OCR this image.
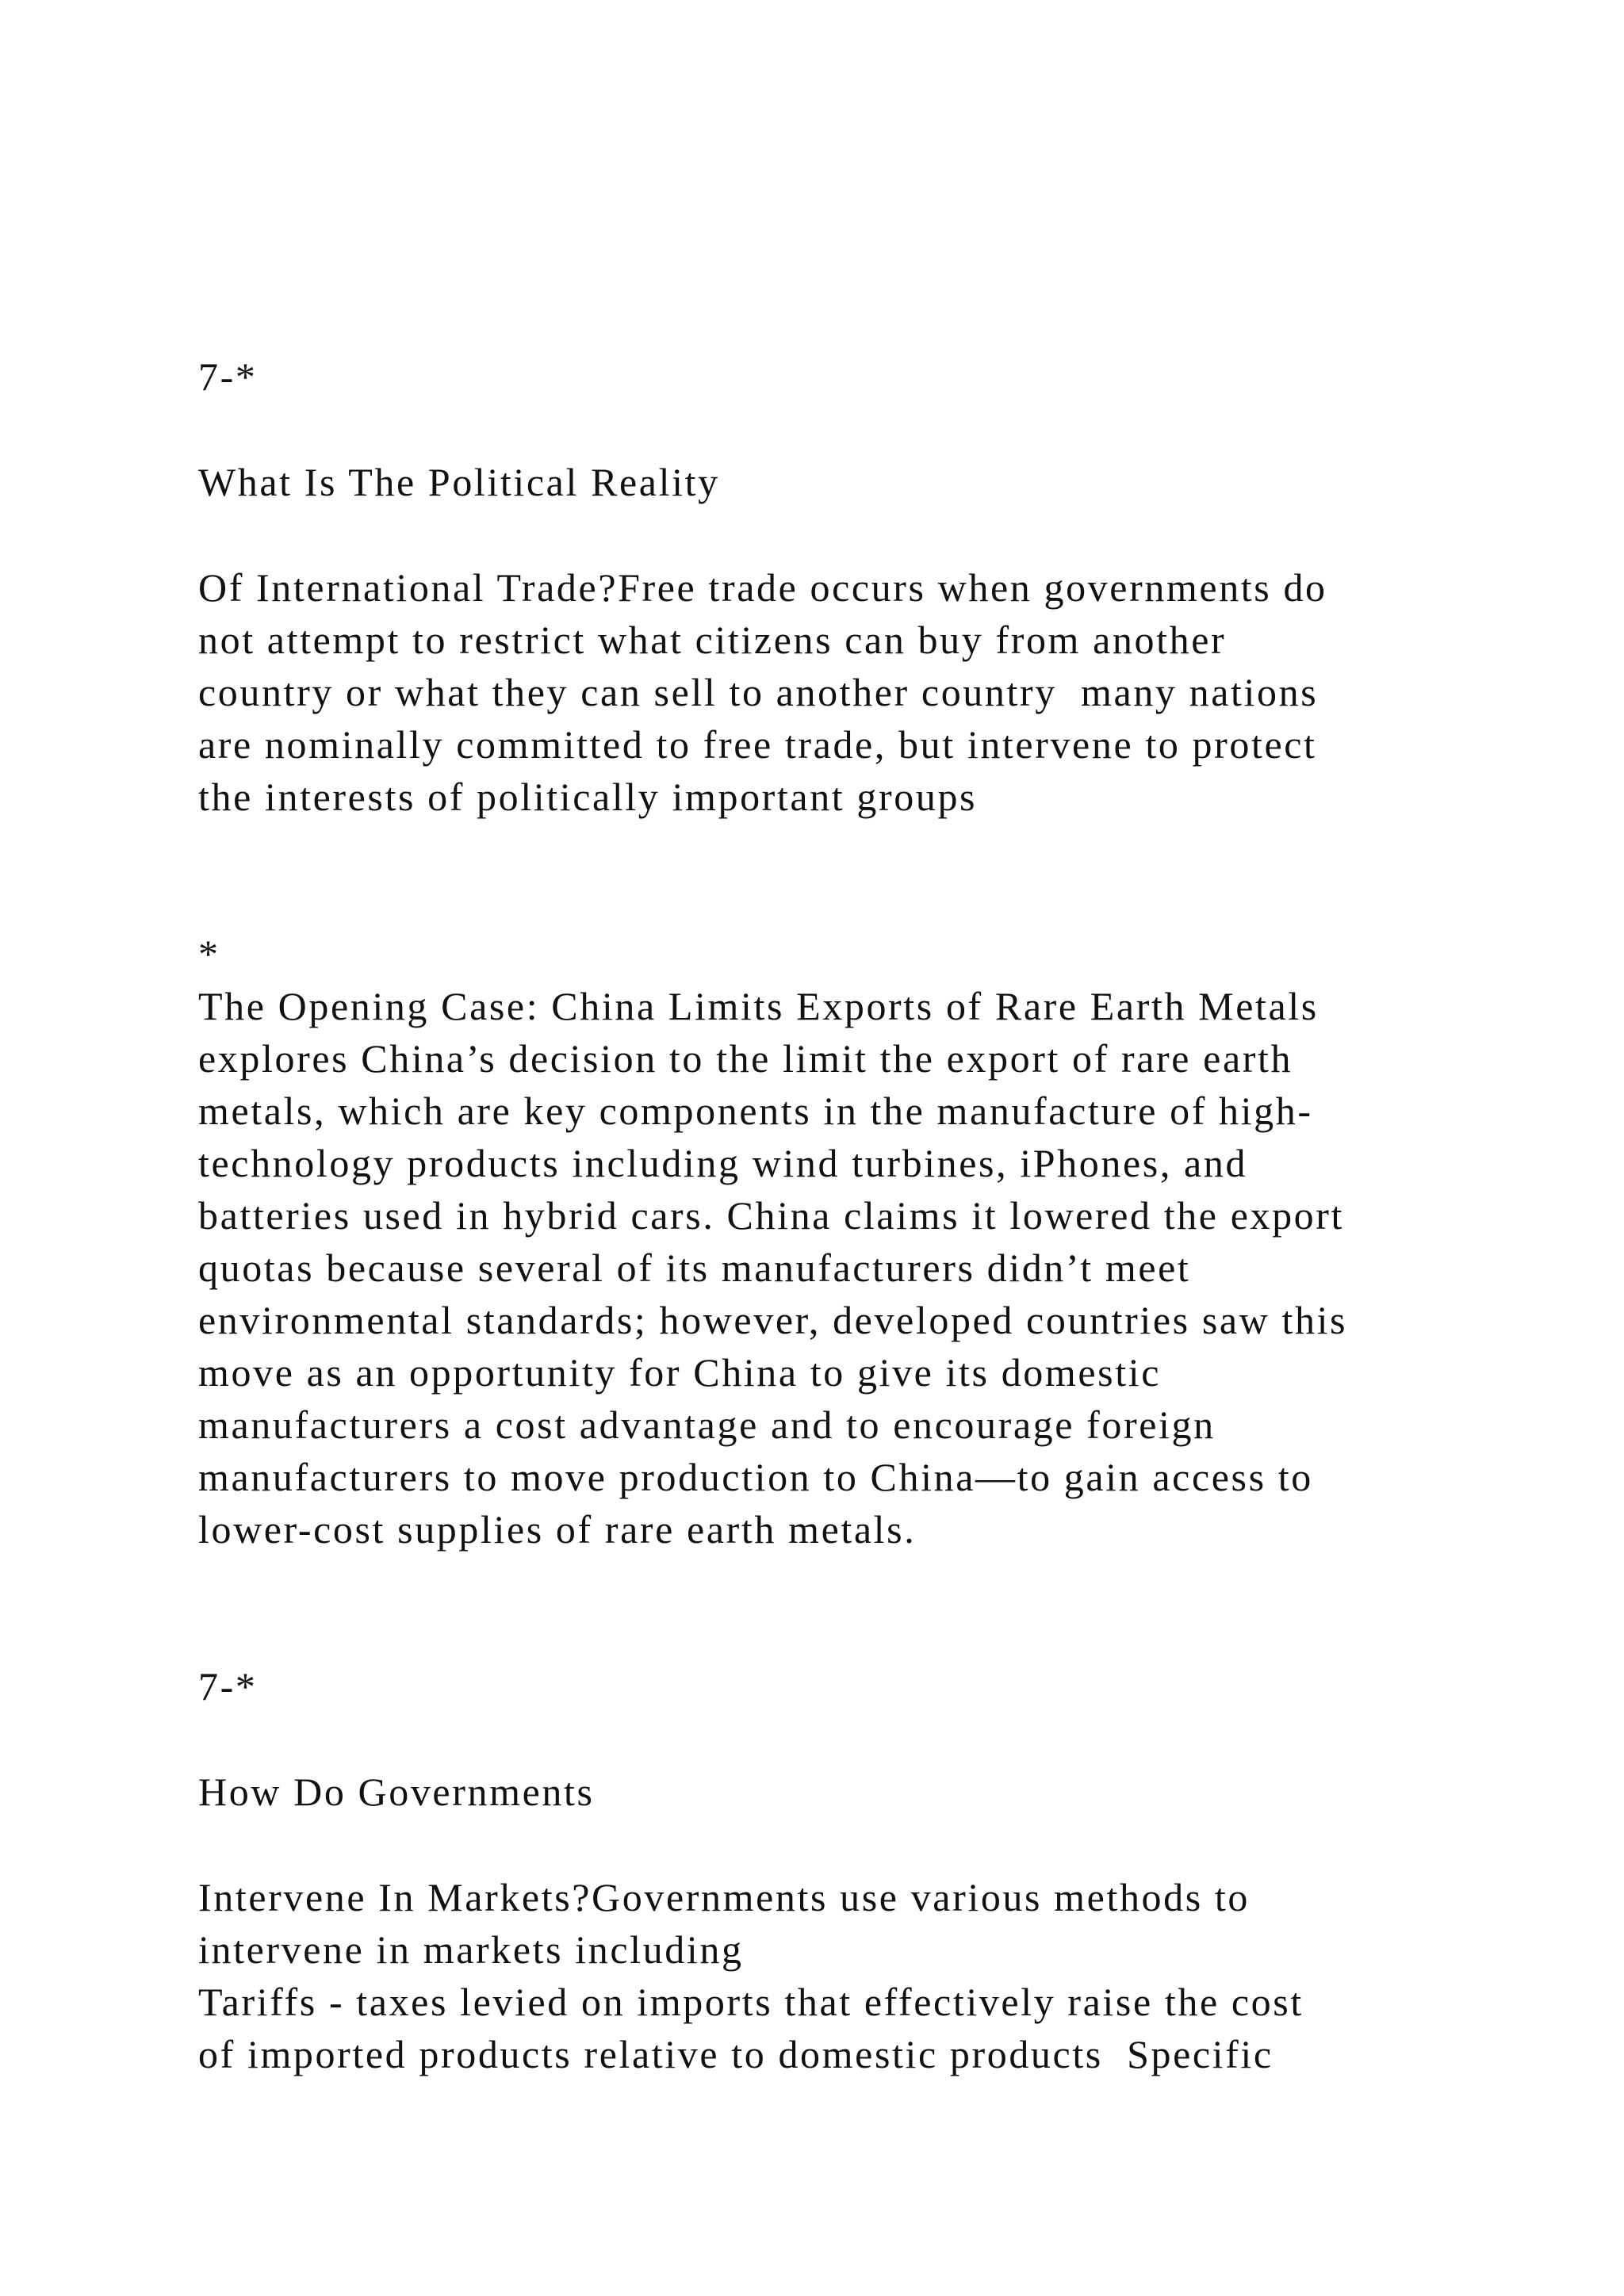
7-*
What Is The Political Reality
Of International Trade?Free trade occurs when governments do
not attempt to restrict what citizens can buy from another
country or what they can sell to another country  many nations
are nominally committed to free trade, but intervene to protect
the interests of politically important groups
*
The Opening Case: China Limits Exports of Rare Earth Metals
explores China’s decision to the limit the export of rare earth
metals, which are key components in the manufacture of high-
technology products including wind turbines, iPhones, and
batteries used in hybrid cars. China claims it lowered the export
quotas because several of its manufacturers didn’t meet
environmental standards; however, developed countries saw this
move as an opportunity for China to give its domestic
manufacturers a cost advantage and to encourage foreign
manufacturers to move production to China—to gain access to
lower-cost supplies of rare earth metals.
7-*
How Do Governments
Intervene In Markets?Governments use various methods to
intervene in markets including
Tariffs - taxes levied on imports that effectively raise the cost
of imported products relative to domestic products  Specific
